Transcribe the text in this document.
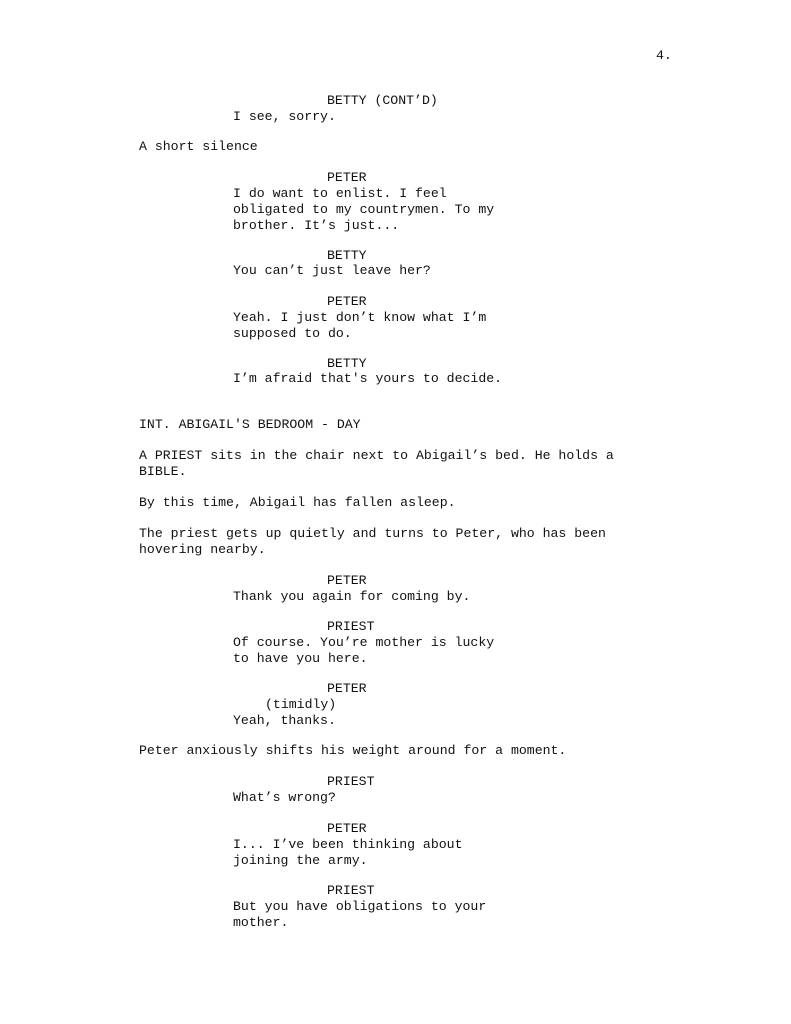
4.
BETTY (CONT’D)
I see, sorry.
A short silence
PETER
I do want to enlist. I feel
obligated to my countrymen. To my
brother. It’s just...
BETTY
You can’t just leave her?
PETER
Yeah. I just don’t know what I’m
supposed to do.
BETTY
I’m afraid that's yours to decide.
INT. ABIGAIL'S BEDROOM - DAY
A PRIEST sits in the chair next to Abigail’s bed. He holds a
BIBLE.
By this time, Abigail has fallen asleep.
The priest gets up quietly and turns to Peter, who has been
hovering nearby.
PETER
Thank you again for coming by.
PRIEST
Of course. You’re mother is lucky
to have you here.
PETER
(timidly)
Yeah, thanks.
Peter anxiously shifts his weight around for a moment.
PRIEST
What’s wrong?
PETER
I... I’ve been thinking about
joining the army.
PRIEST
But you have obligations to your
mother.
